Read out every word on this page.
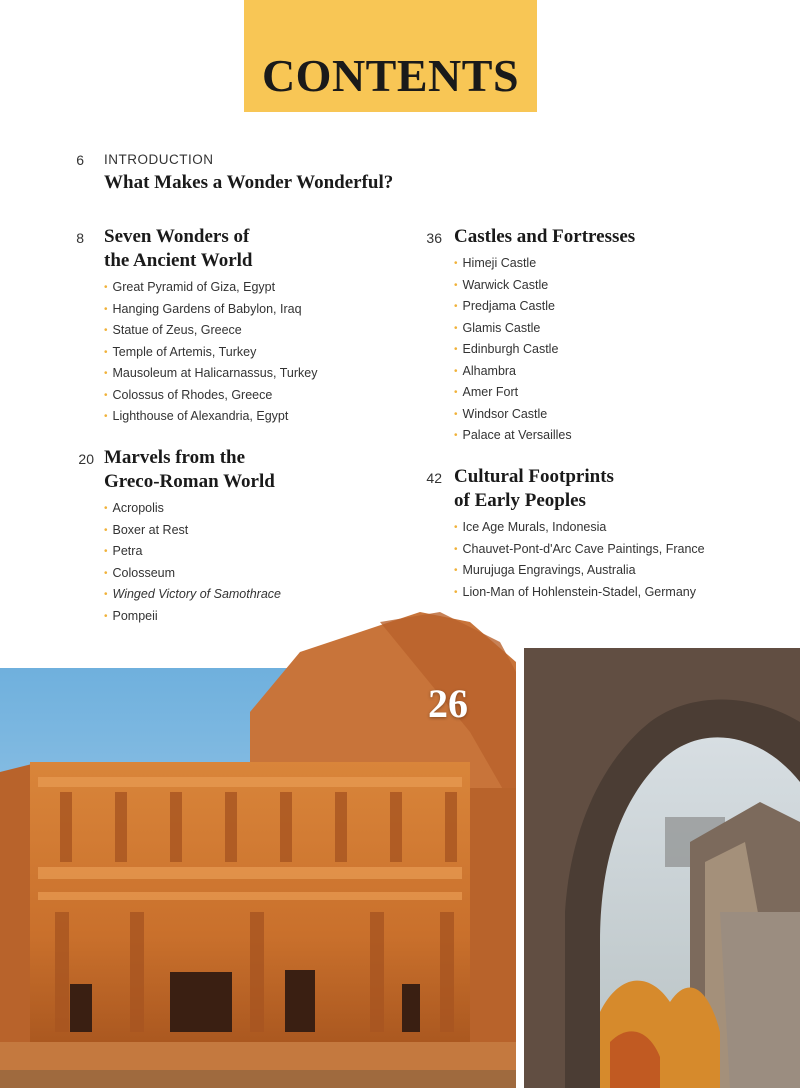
CONTENTS
6 INTRODUCTION
What Makes a Wonder Wonderful?
8 Seven Wonders of
the Ancient World
• Great Pyramid of Giza, Egypt
• Hanging Gardens of Babylon, Iraq
• Statue of Zeus, Greece
• Temple of Artemis, Turkey
• Mausoleum at Halicarnassus, Turkey
• Colossus of Rhodes, Greece
• Lighthouse of Alexandria, Egypt
20 Marvels from the
Greco-Roman World
• Acropolis
• Boxer at Rest
• Petra
• Colosseum
• Winged Victory of Samothrace
• Pompeii
36 Castles and Fortresses
• Himeji Castle
• Warwick Castle
• Predjama Castle
• Glamis Castle
• Edinburgh Castle
• Alhambra
• Amer Fort
• Windsor Castle
• Palace at Versailles
42 Cultural Footprints
of Early Peoples
• Ice Age Murals, Indonesia
• Chauvet-Pont-d'Arc Cave Paintings, France
• Murujuga Engravings, Australia
• Lion-Man of Hohlenstein-Stadel, Germany
26
